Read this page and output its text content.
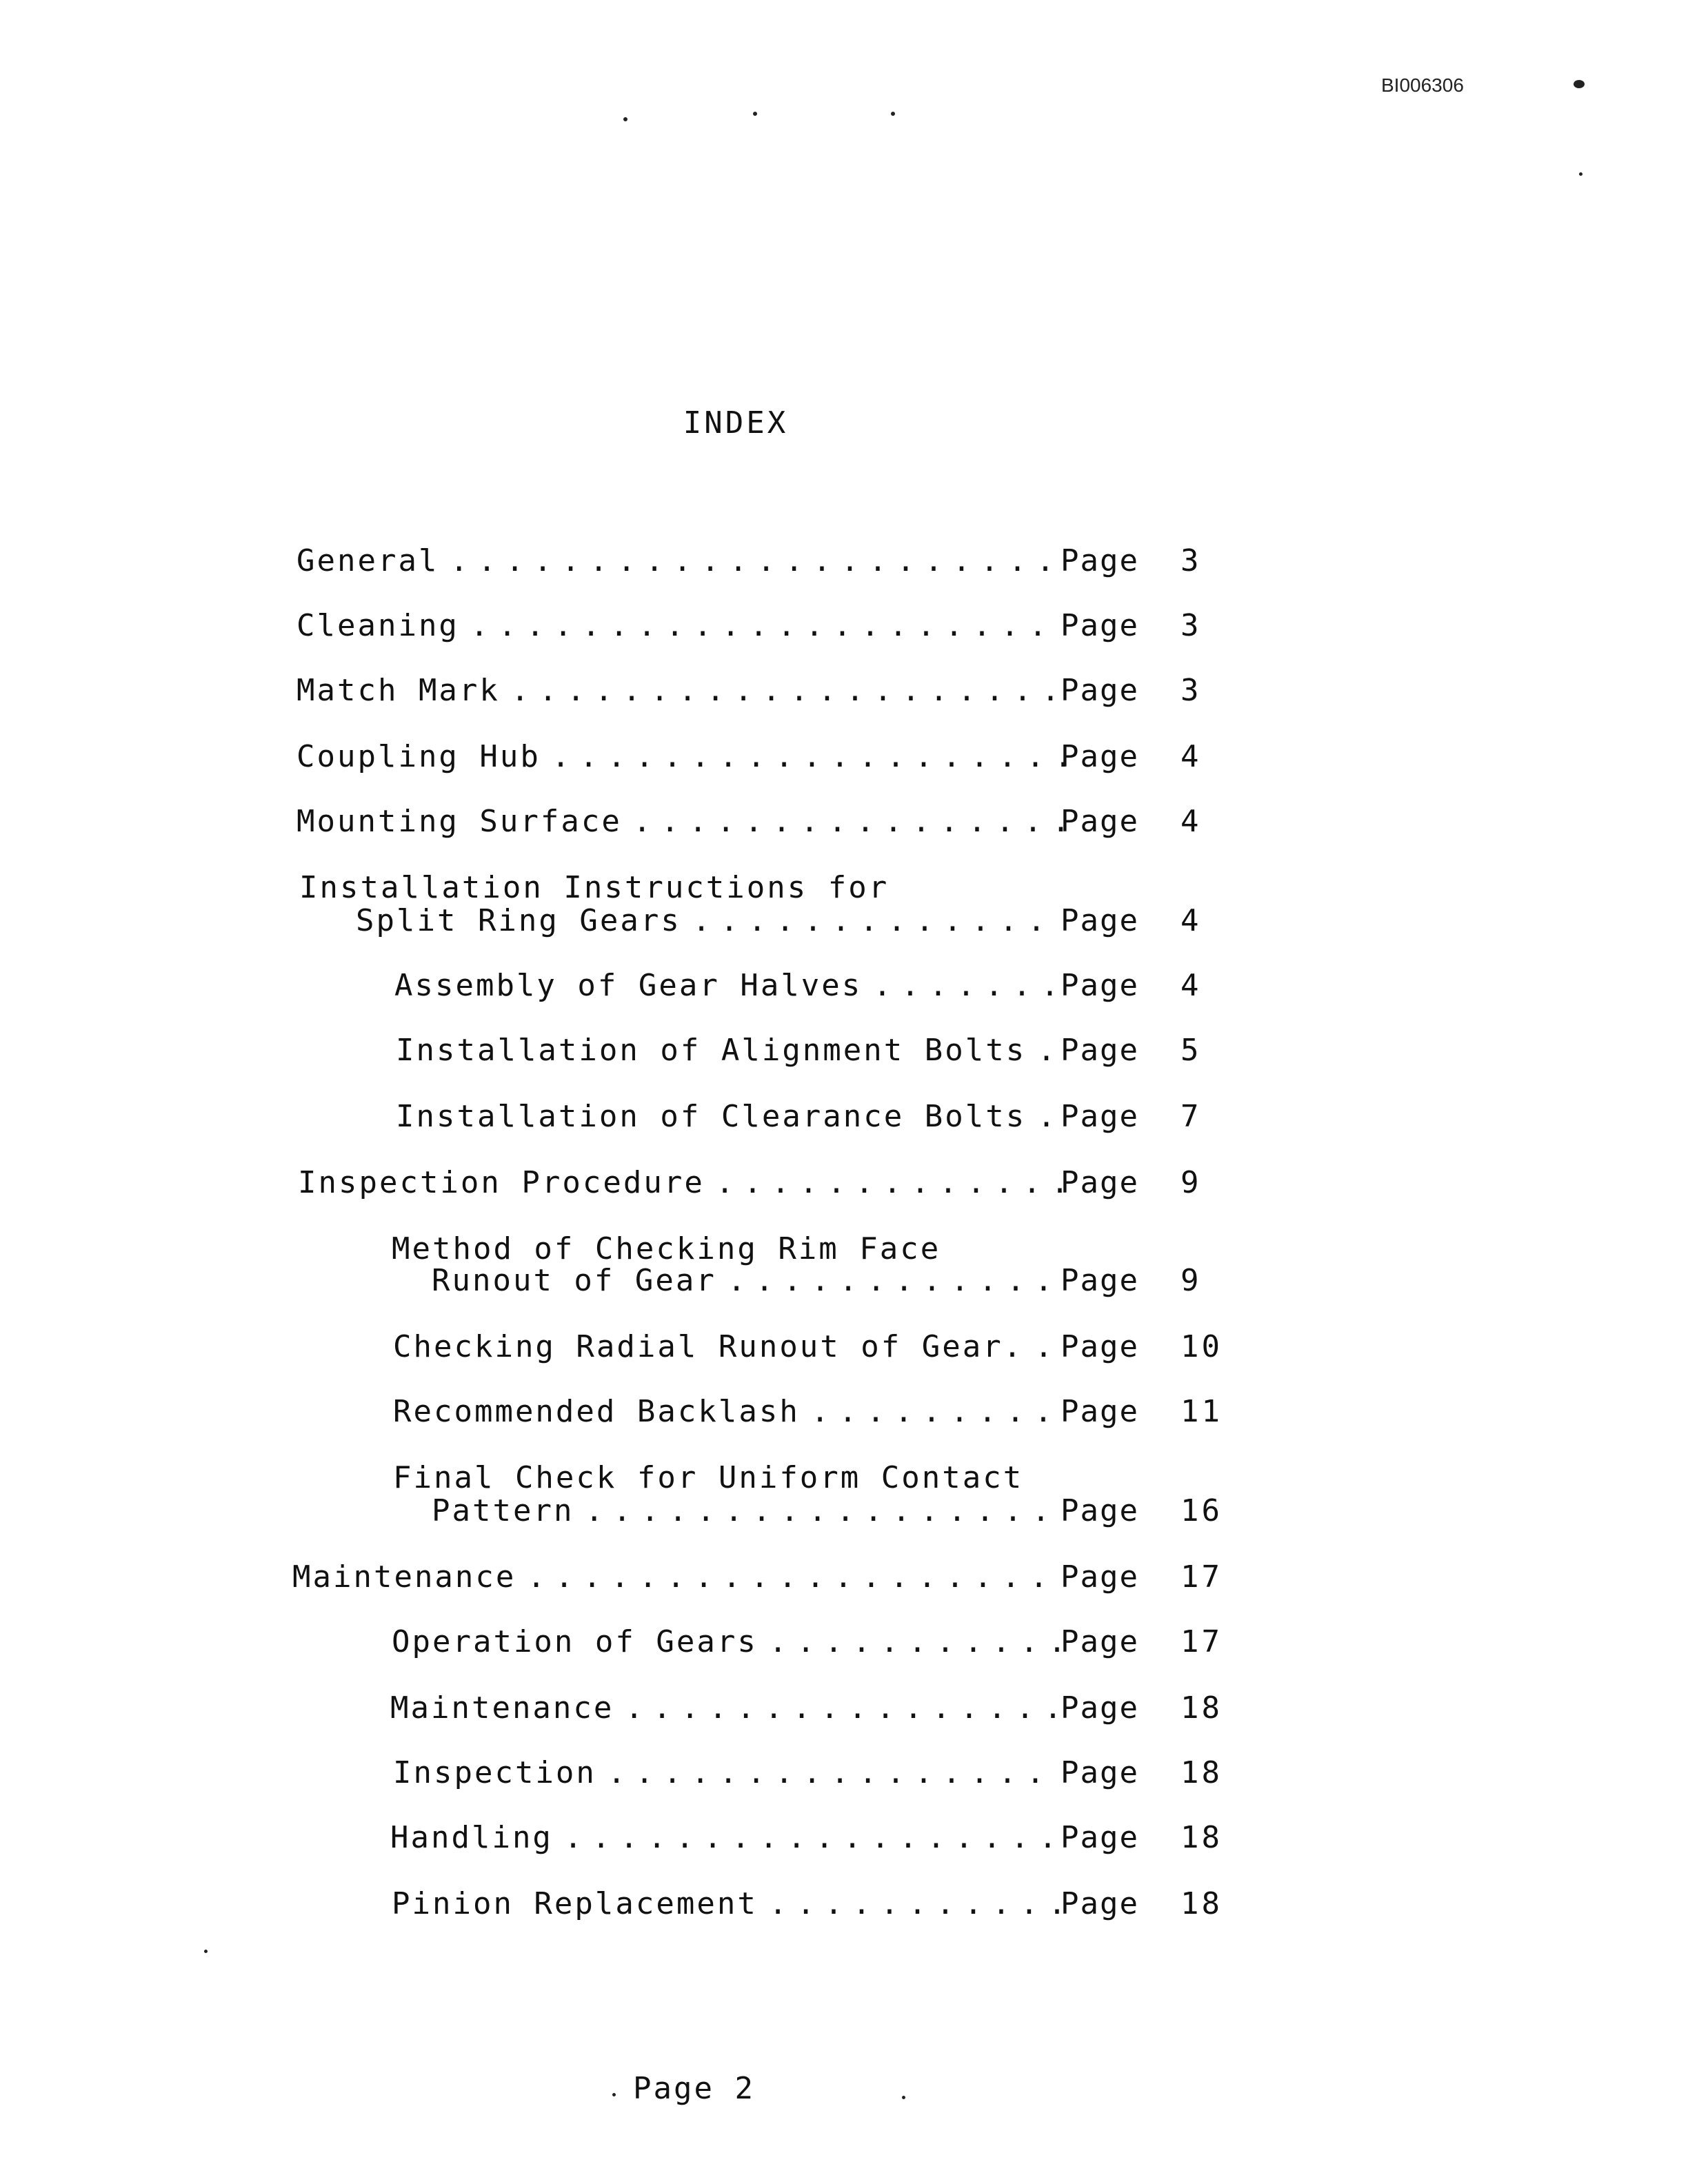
BI006306
INDEX
General ......................
Page 3
Cleaning ..................... Page 3
Match Mark ....................
Page 3
Coupling Hub ...................
Page 4
Mounting Surface ................
Page 4
Installation Instructions for
Split Ring Gears ............. Page 4
Assembly of Gear Halves .......
Page 4
Installation of Alignment Bolts .
Page 5
Installation of Clearance Bolts .
Page 7
Inspection Procedure .............
Page 9
Method of Checking Rim Face
Runout of Gear ............
Page 9
Checking Radial Runout of Gear. .
Page 10
Recommended Backlash .........
Page 11
Final Check for Uniform Contact
Pattern ................. Page 16
Maintenance ................... Page 17
Operation of Gears ...........
Page 17
Maintenance ................
Page 18
Inspection ................ Page 18
Handling ..................
Page 18
Pinion Replacement ...........
Page 18
Page 2
